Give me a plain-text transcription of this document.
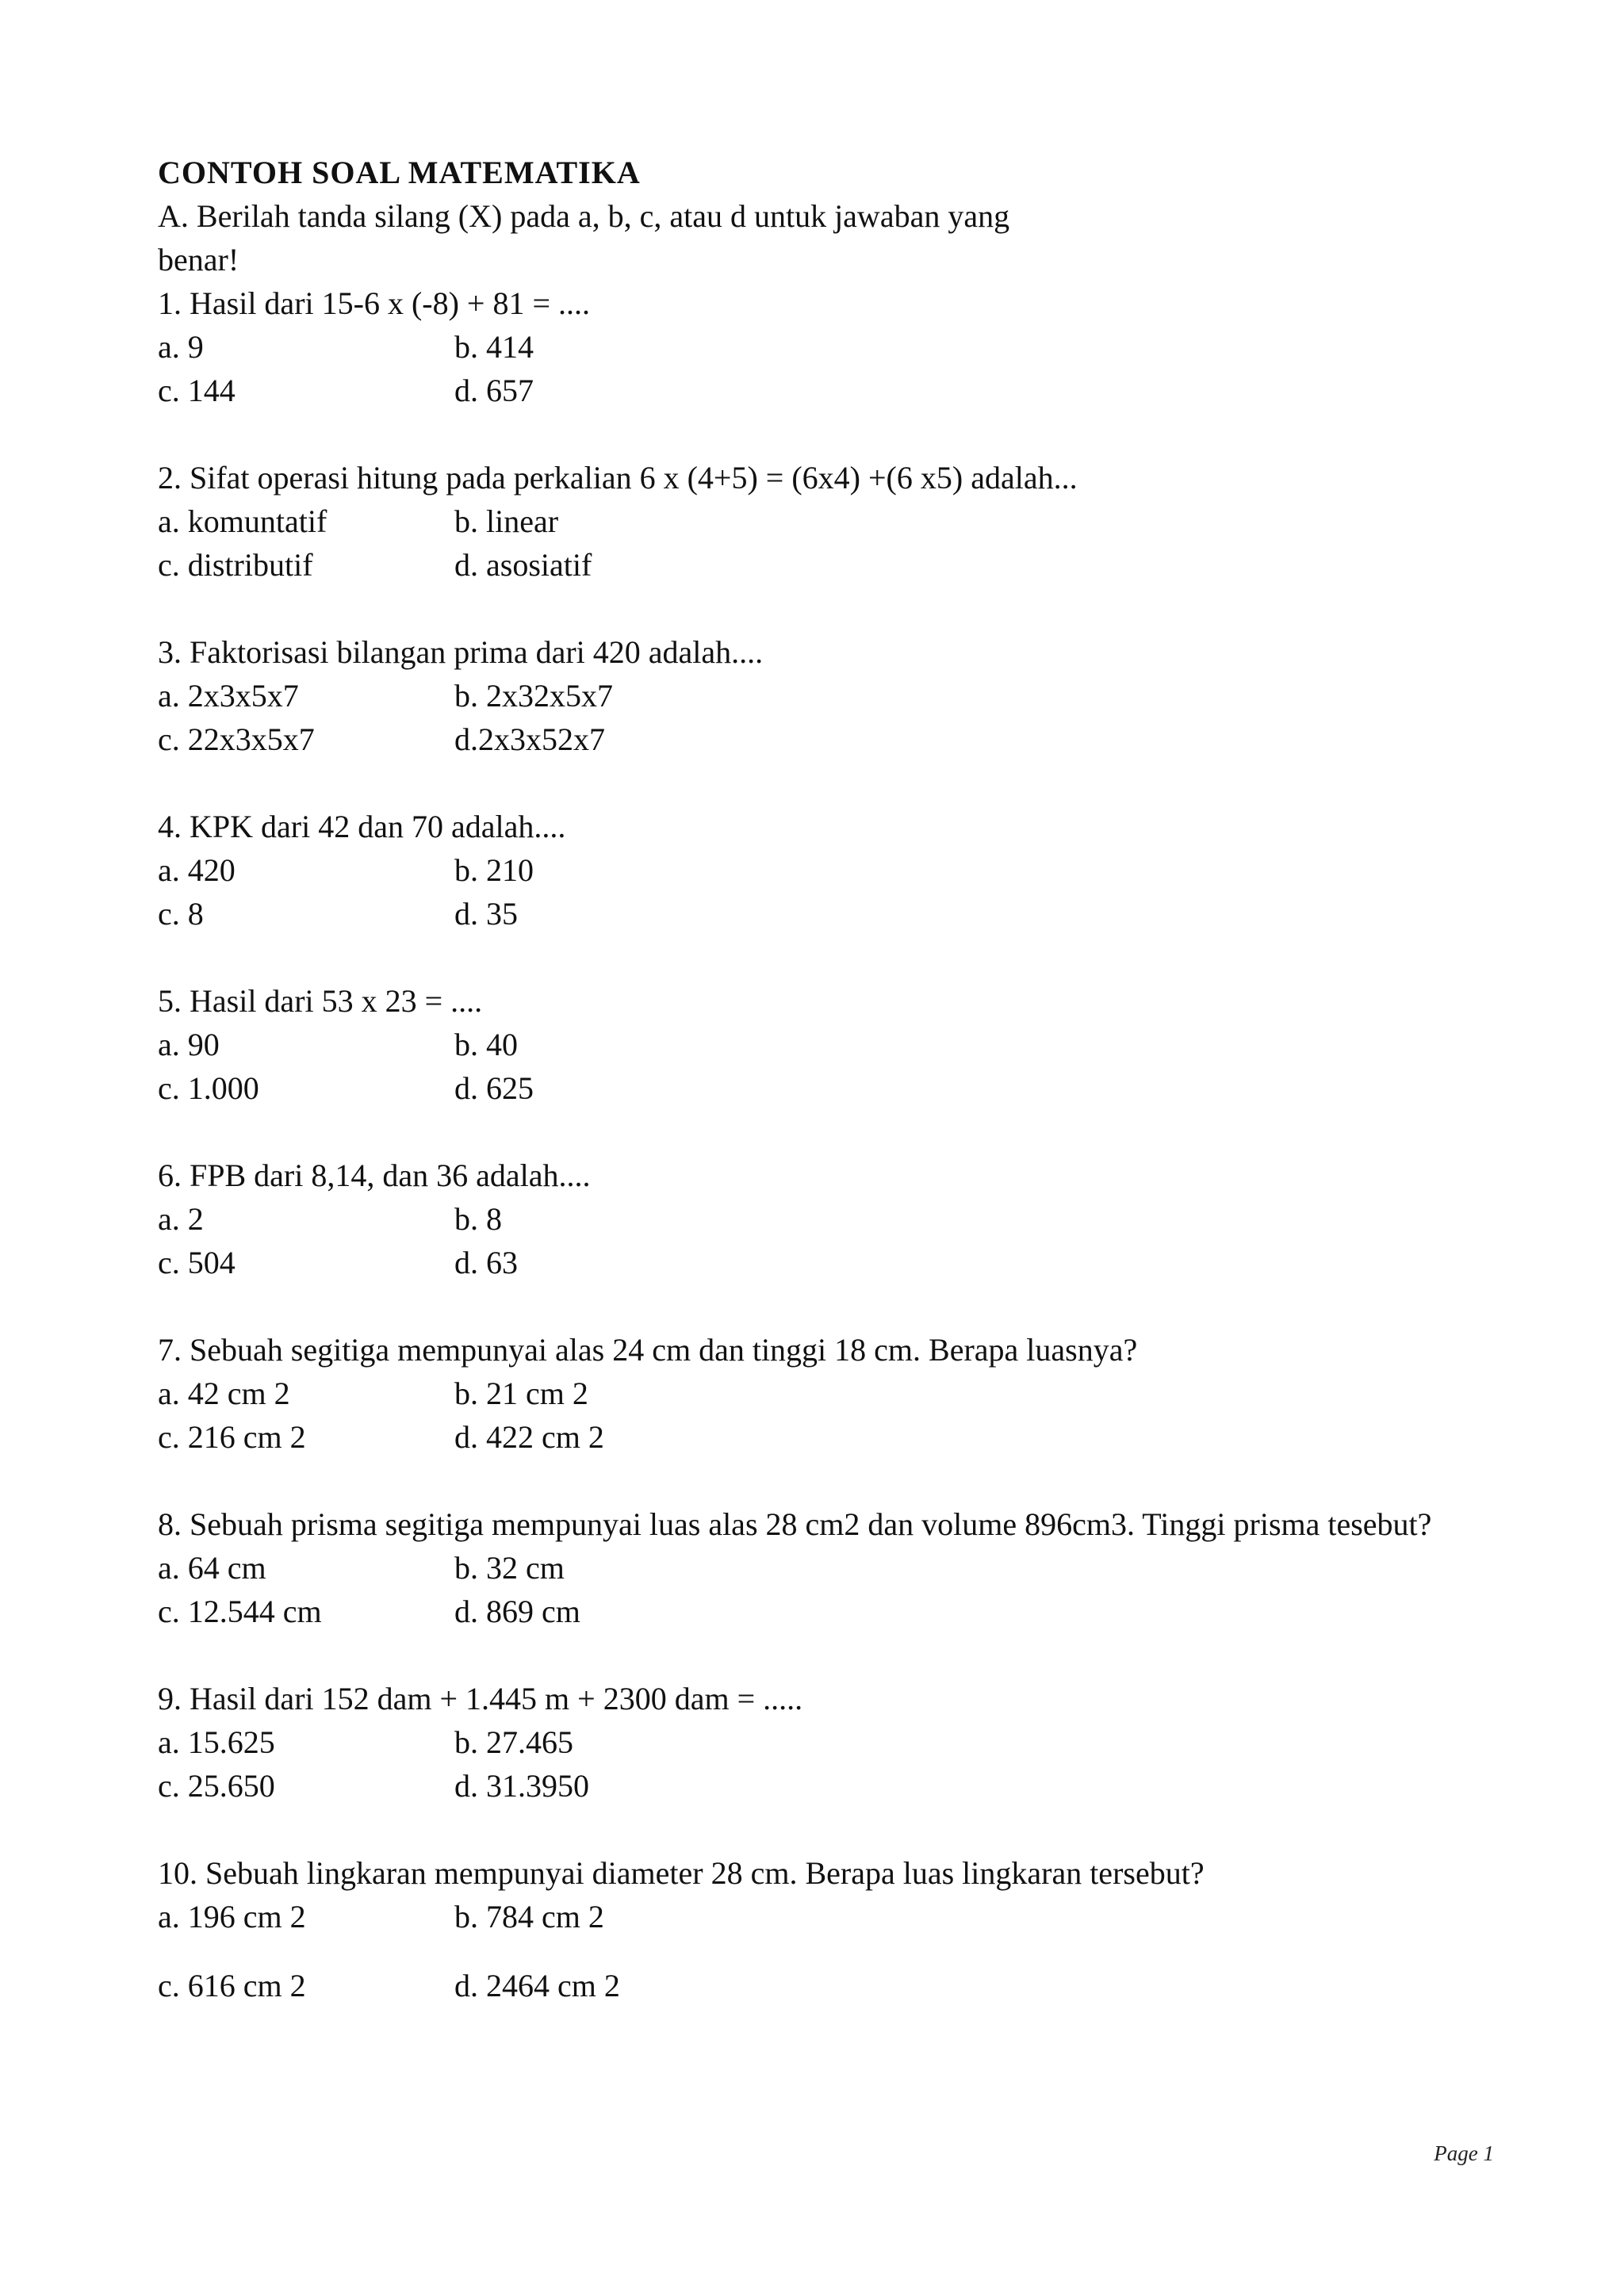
CONTOH SOAL MATEMATIKA
A. Berilah tanda silang (X) pada a, b, c, atau d untuk jawaban yang benar!
1. Hasil dari 15-6 x (-8) + 81 = ....
a. 9	b. 414
c. 144	d. 657
2. Sifat operasi hitung pada perkalian 6 x (4+5) = (6x4) +(6 x5) adalah...
a. komuntatif	b. linear
c. distributif	d. asosiatif
3. Faktorisasi bilangan prima dari 420 adalah....
a. 2x3x5x7	b. 2x32x5x7
c. 22x3x5x7	d.2x3x52x7
4. KPK dari 42 dan 70 adalah....
a. 420	b. 210
c. 8	d. 35
5. Hasil dari 53 x 23 = ....
a. 90	b. 40
c. 1.000	d. 625
6. FPB dari 8,14, dan 36 adalah....
a. 2	b. 8
c. 504	d. 63
7. Sebuah segitiga mempunyai alas 24 cm dan tinggi 18 cm. Berapa luasnya?
a. 42 cm 2	b. 21 cm 2
c. 216 cm 2	d. 422 cm 2
8. Sebuah prisma segitiga mempunyai luas alas 28 cm2 dan volume 896cm3. Tinggi prisma tesebut?
a. 64 cm	b. 32 cm
c. 12.544 cm	d. 869 cm
9. Hasil dari 152 dam + 1.445 m + 2300 dam = .....
a. 15.625	b. 27.465
c. 25.650	d. 31.3950
10. Sebuah lingkaran mempunyai diameter 28 cm. Berapa luas lingkaran tersebut?
a. 196 cm 2	b. 784 cm 2
c. 616 cm 2	d. 2464 cm 2
Page 1
